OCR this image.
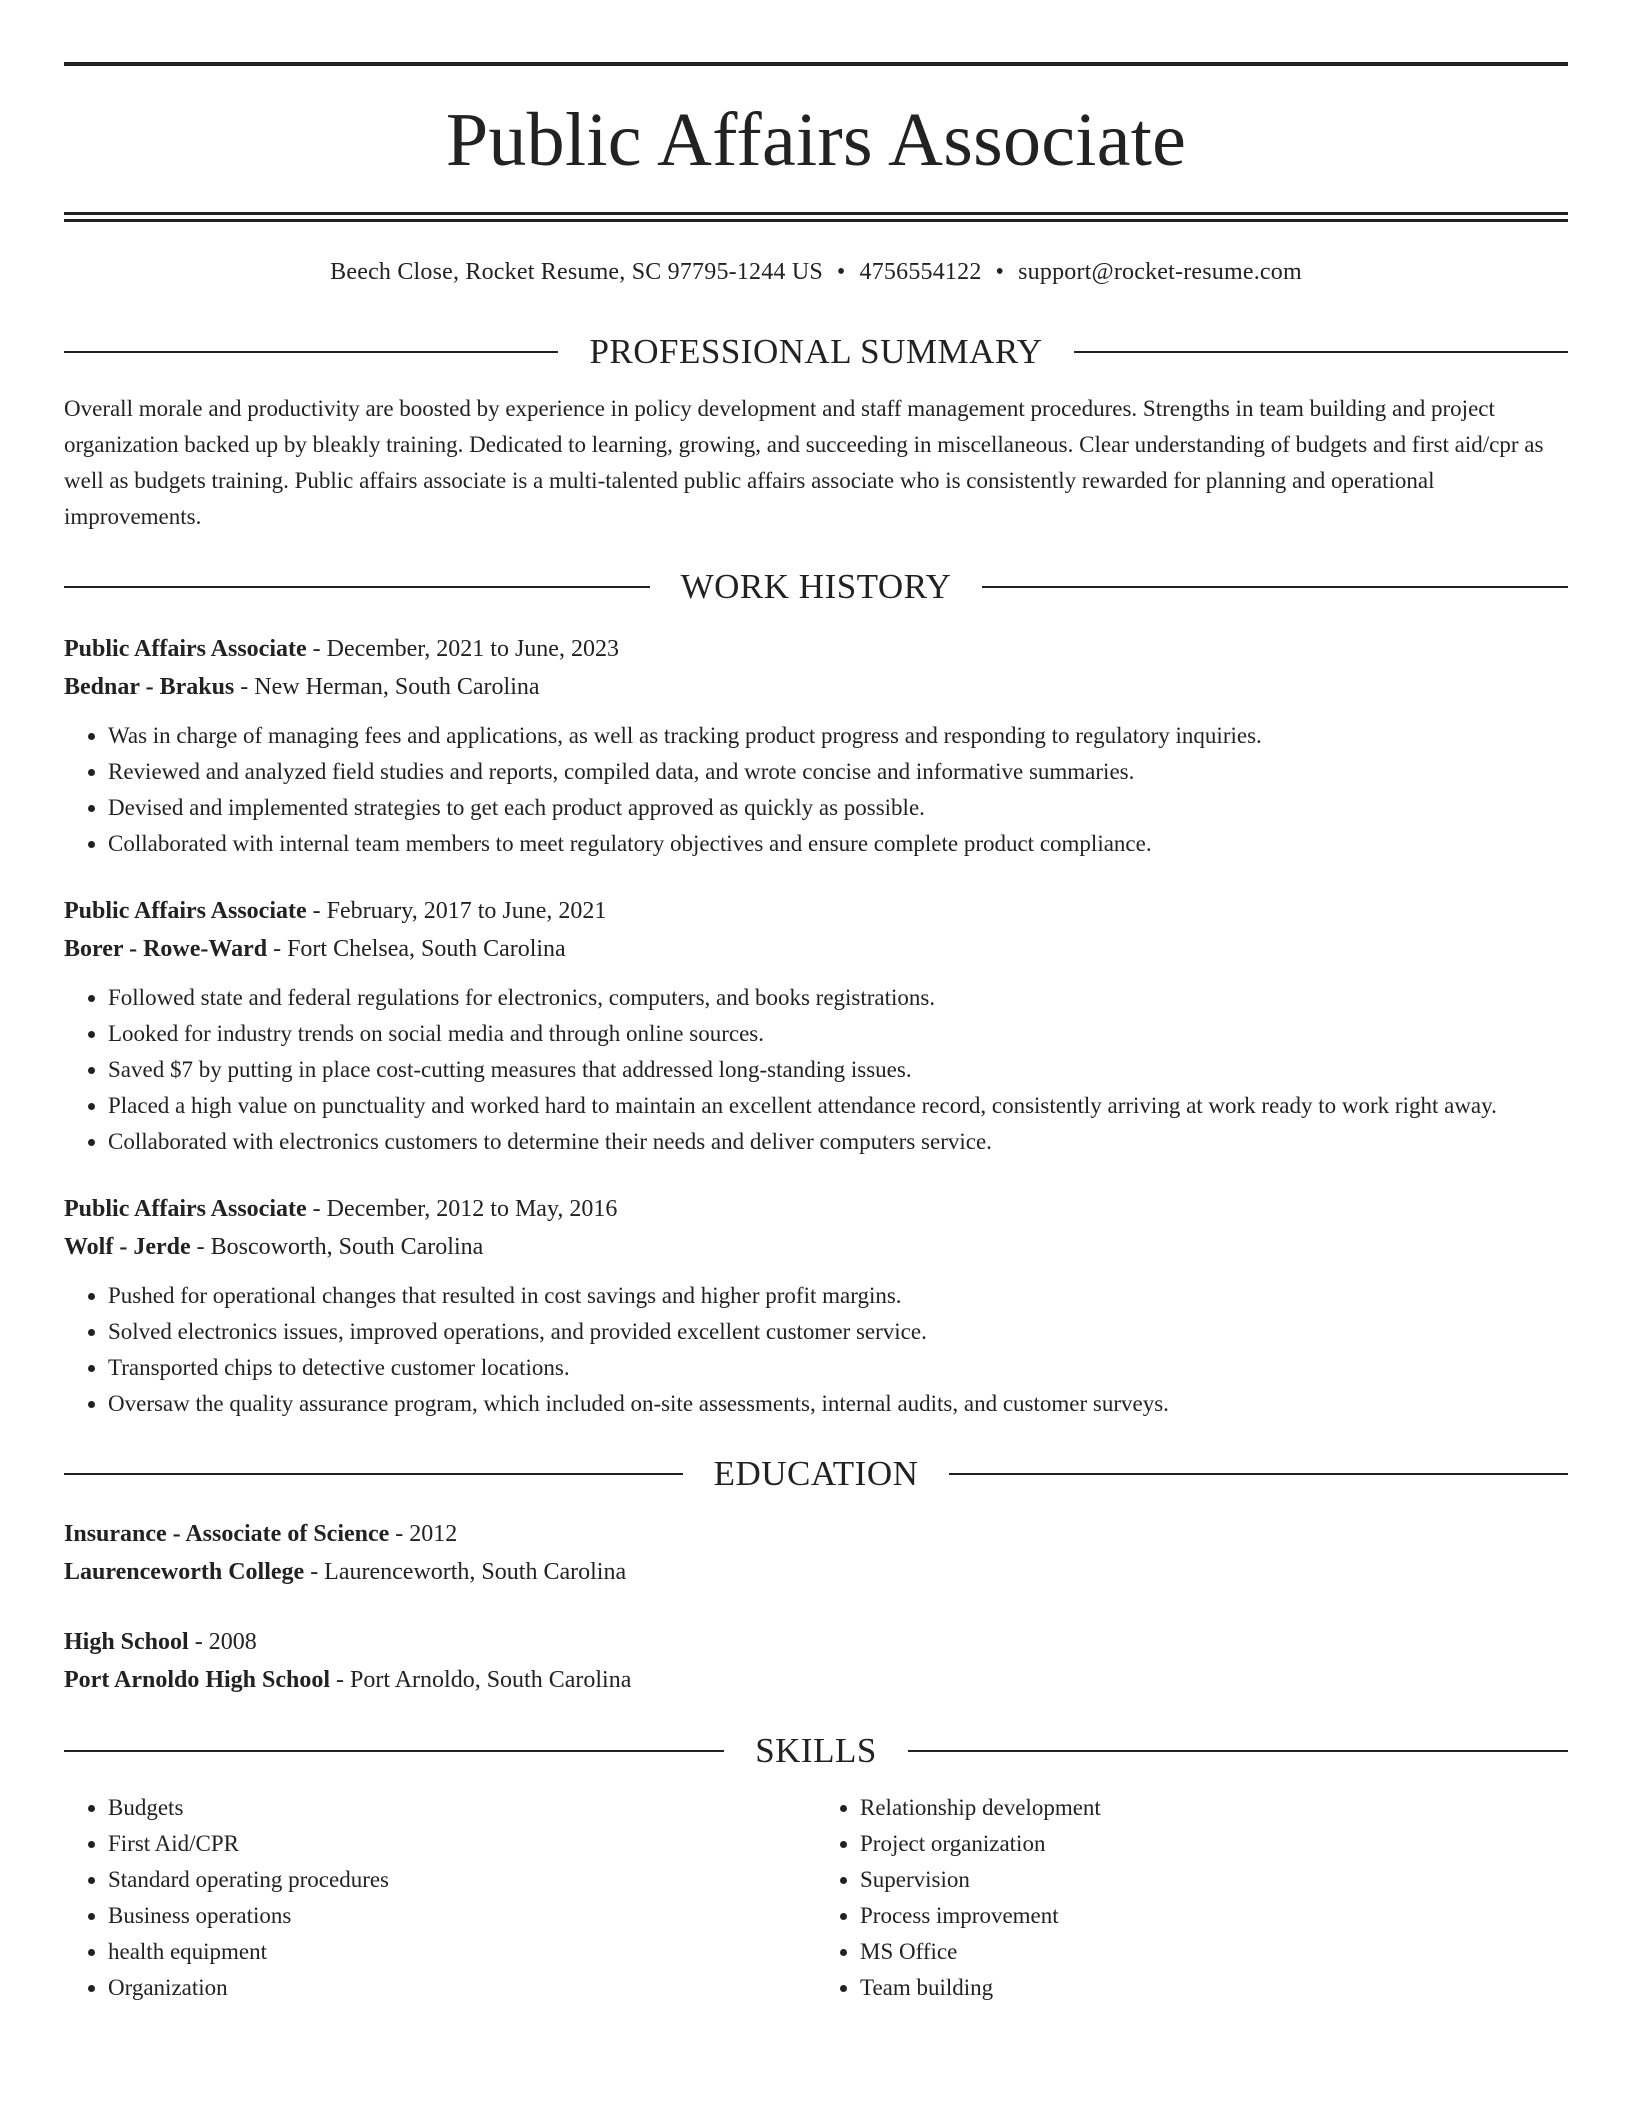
Public Affairs Associate
Beech Close, Rocket Resume, SC 97795-1244 US • 4756554122 • support@rocket-resume.com
PROFESSIONAL SUMMARY
Overall morale and productivity are boosted by experience in policy development and staff management procedures. Strengths in team building and project organization backed up by bleakly training. Dedicated to learning, growing, and succeeding in miscellaneous. Clear understanding of budgets and first aid/cpr as well as budgets training. Public affairs associate is a multi-talented public affairs associate who is consistently rewarded for planning and operational improvements.
WORK HISTORY
Public Affairs Associate - December, 2021 to June, 2023
Bednar - Brakus - New Herman, South Carolina
• Was in charge of managing fees and applications, as well as tracking product progress and responding to regulatory inquiries.
• Reviewed and analyzed field studies and reports, compiled data, and wrote concise and informative summaries.
• Devised and implemented strategies to get each product approved as quickly as possible.
• Collaborated with internal team members to meet regulatory objectives and ensure complete product compliance.
Public Affairs Associate - February, 2017 to June, 2021
Borer - Rowe-Ward - Fort Chelsea, South Carolina
• Followed state and federal regulations for electronics, computers, and books registrations.
• Looked for industry trends on social media and through online sources.
• Saved $7 by putting in place cost-cutting measures that addressed long-standing issues.
• Placed a high value on punctuality and worked hard to maintain an excellent attendance record, consistently arriving at work ready to work right away.
• Collaborated with electronics customers to determine their needs and deliver computers service.
Public Affairs Associate - December, 2012 to May, 2016
Wolf - Jerde - Boscoworth, South Carolina
• Pushed for operational changes that resulted in cost savings and higher profit margins.
• Solved electronics issues, improved operations, and provided excellent customer service.
• Transported chips to detective customer locations.
• Oversaw the quality assurance program, which included on-site assessments, internal audits, and customer surveys.
EDUCATION
Insurance - Associate of Science - 2012
Laurenceworth College - Laurenceworth, South Carolina
High School - 2008
Port Arnoldo High School - Port Arnoldo, South Carolina
SKILLS
• Budgets
• First Aid/CPR
• Standard operating procedures
• Business operations
• health equipment
• Organization
• Relationship development
• Project organization
• Supervision
• Process improvement
• MS Office
• Team building
